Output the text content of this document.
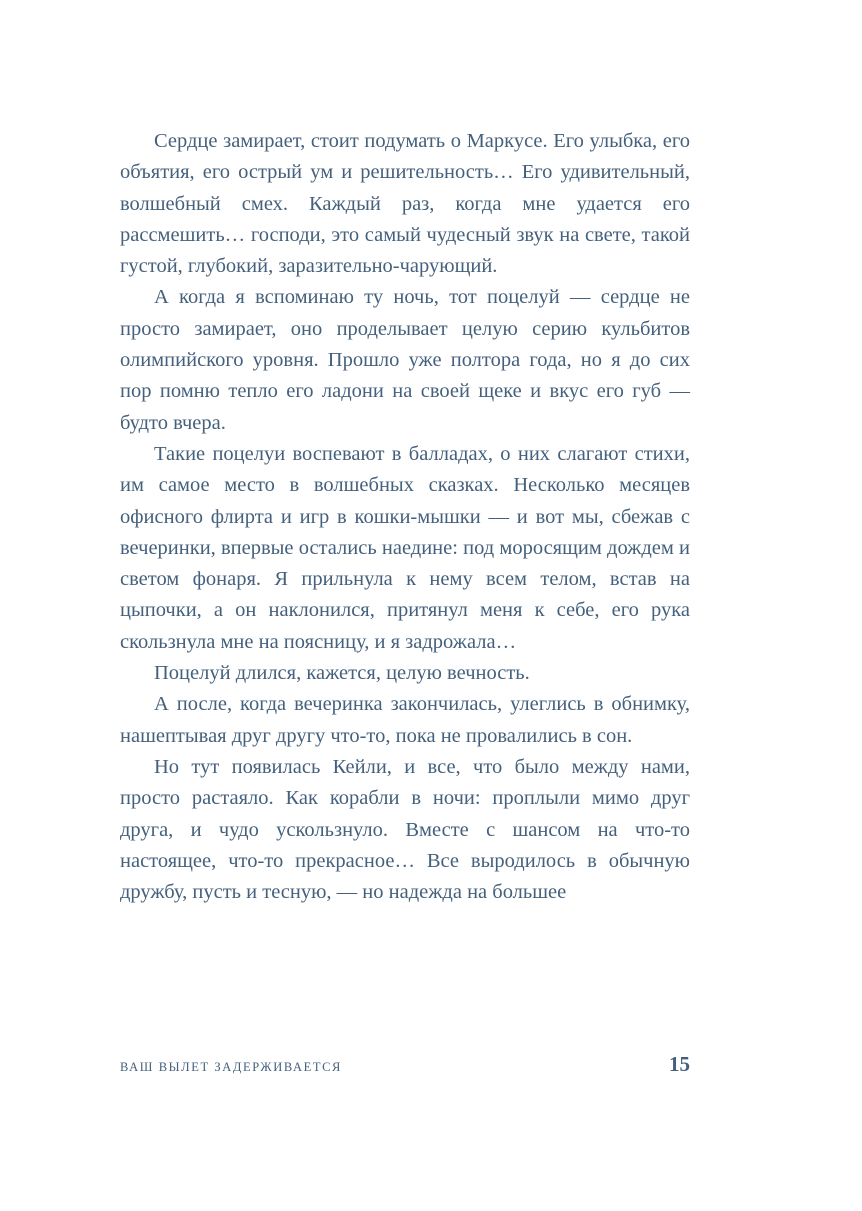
Сердце замирает, стоит подумать о Маркусе. Его улыбка, его объятия, его острый ум и решительность… Его удивительный, волшебный смех. Каждый раз, когда мне удается его рассмешить… господи, это самый чудесный звук на свете, такой густой, глубокий, заразительно-чарующий.

А когда я вспоминаю ту ночь, тот поцелуй — сердце не просто замирает, оно проделывает целую серию кульбитов олимпийского уровня. Прошло уже полтора года, но я до сих пор помню тепло его ладони на своей щеке и вкус его губ — будто вчера.

Такие поцелуи воспевают в балладах, о них слагают стихи, им самое место в волшебных сказках. Несколько месяцев офисного флирта и игр в кошки-мышки — и вот мы, сбежав с вечеринки, впервые остались наедине: под моросящим дождем и светом фонаря. Я прильнула к нему всем телом, встав на цыпочки, а он наклонился, притянул меня к себе, его рука скользнула мне на поясницу, и я задрожала…

Поцелуй длился, кажется, целую вечность.

А после, когда вечеринка закончилась, улеглись в обнимку, нашептывая друг другу что-то, пока не провалились в сон.

Но тут появилась Кейли, и все, что было между нами, просто растаяло. Как корабли в ночи: проплыли мимо друг друга, и чудо ускользнуло. Вместе с шансом на что-то настоящее, что-то прекрасное… Все выродилось в обычную дружбу, пусть и тесную, — но надежда на большее

ВАШ ВЫЛЕТ ЗАДЕРЖИВАЕТСЯ	15
